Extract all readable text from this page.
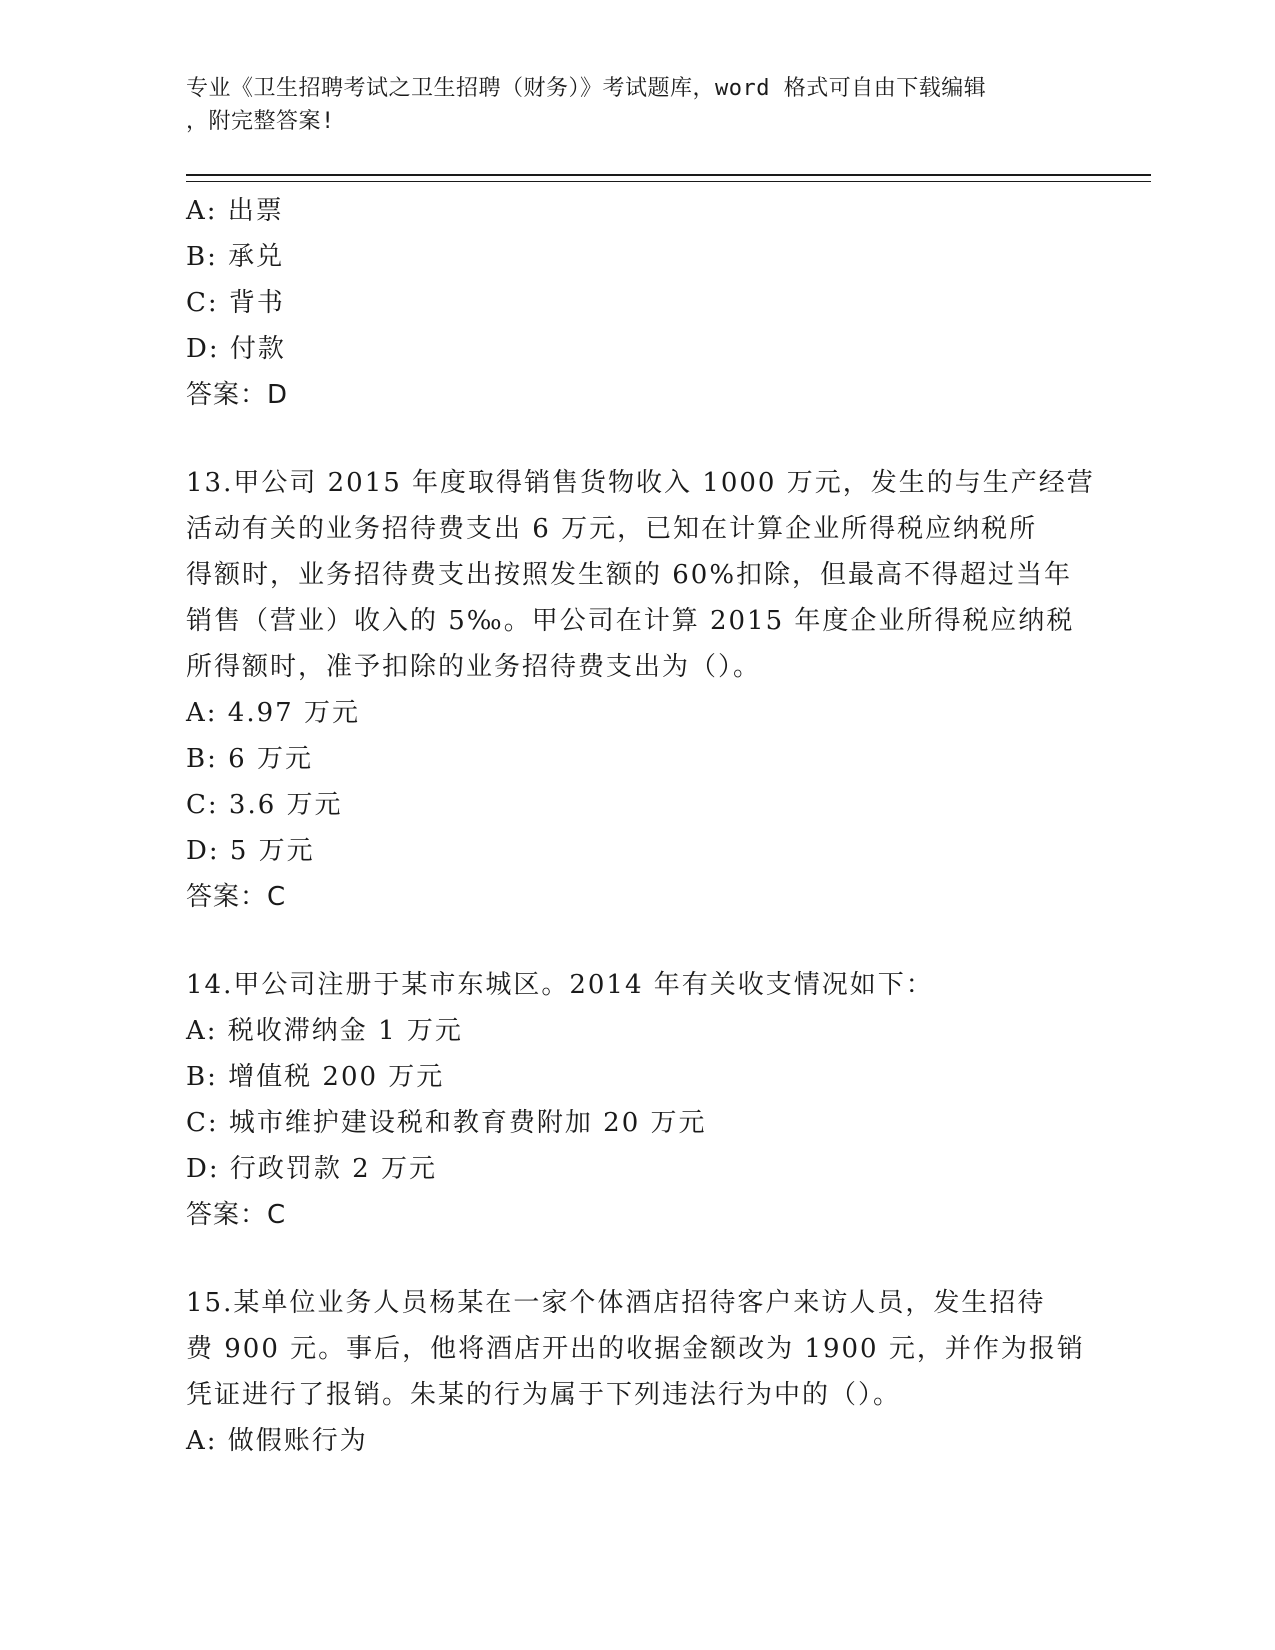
专业《卫生招聘考试之卫生招聘（财务）》考试题库，word 格式可自由下载编辑
，附完整答案!
A: 出票
B: 承兑
C: 背书
D: 付款
答案：D
13.甲公司 2015 年度取得销售货物收入 1000 万元，发生的与生产经营
活动有关的业务招待费支出 6 万元，已知在计算企业所得税应纳税所
得额时，业务招待费支出按照发生额的 60%扣除，但最高不得超过当年
销售（营业）收入的 5‰。甲公司在计算 2015 年度企业所得税应纳税
所得额时，准予扣除的业务招待费支出为（）。
A: 4.97 万元
B: 6 万元
C: 3.6 万元
D: 5 万元
答案：C
14.甲公司注册于某市东城区。2014 年有关收支情况如下：
A: 税收滞纳金 1 万元
B: 增值税 200 万元
C: 城市维护建设税和教育费附加 20 万元
D: 行政罚款 2 万元
答案：C
15.某单位业务人员杨某在一家个体酒店招待客户来访人员，发生招待
费 900 元。事后，他将酒店开出的收据金额改为 1900 元，并作为报销
凭证进行了报销。朱某的行为属于下列违法行为中的（）。
A: 做假账行为
